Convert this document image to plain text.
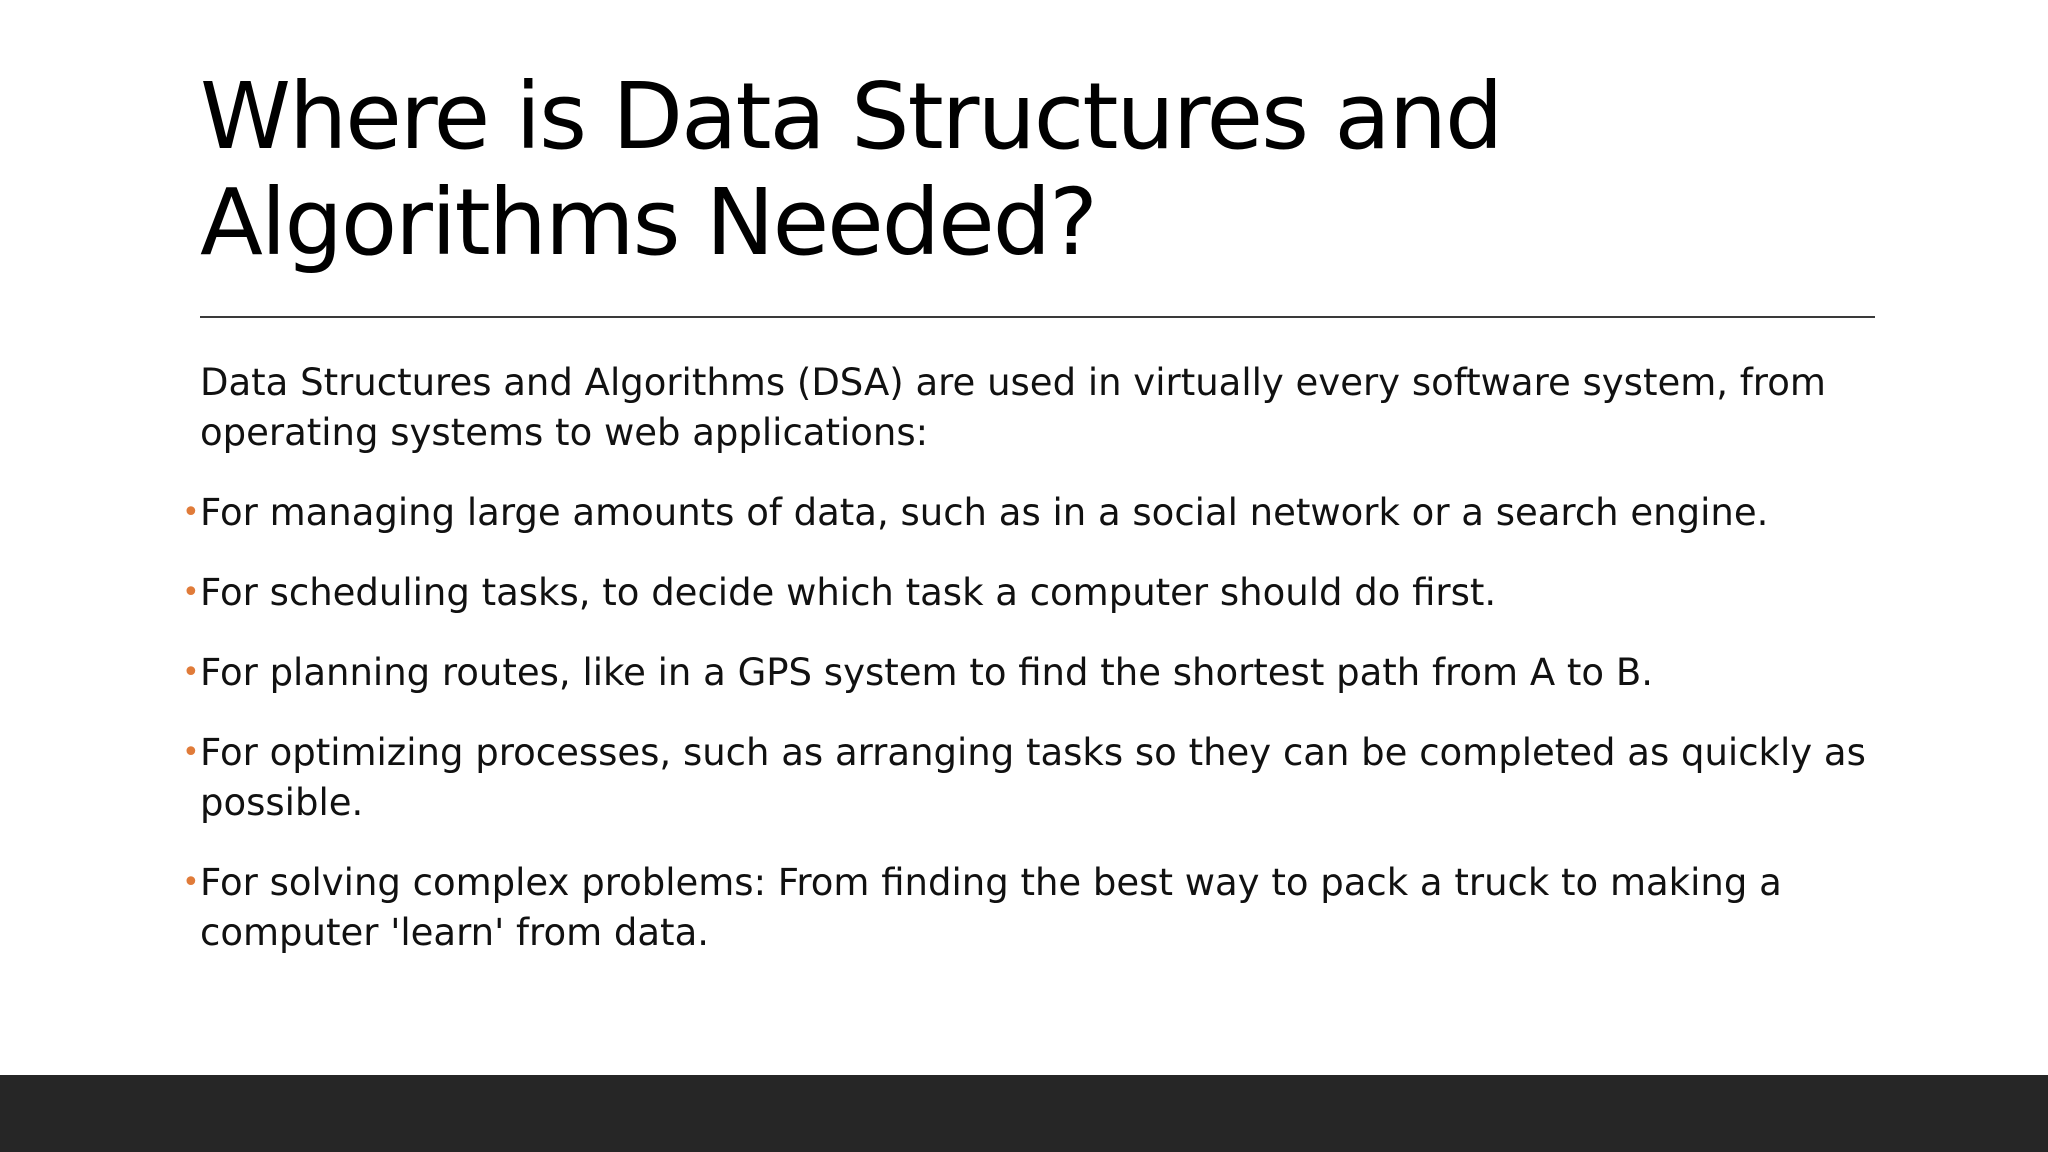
Where is Data Structures and Algorithms Needed?

Data Structures and Algorithms (DSA) are used in virtually every software system, from operating systems to web applications:

• For managing large amounts of data, such as in a social network or a search engine.
• For scheduling tasks, to decide which task a computer should do first.
• For planning routes, like in a GPS system to find the shortest path from A to B.
• For optimizing processes, such as arranging tasks so they can be completed as quickly as possible.
• For solving complex problems: From finding the best way to pack a truck to making a computer 'learn' from data.
